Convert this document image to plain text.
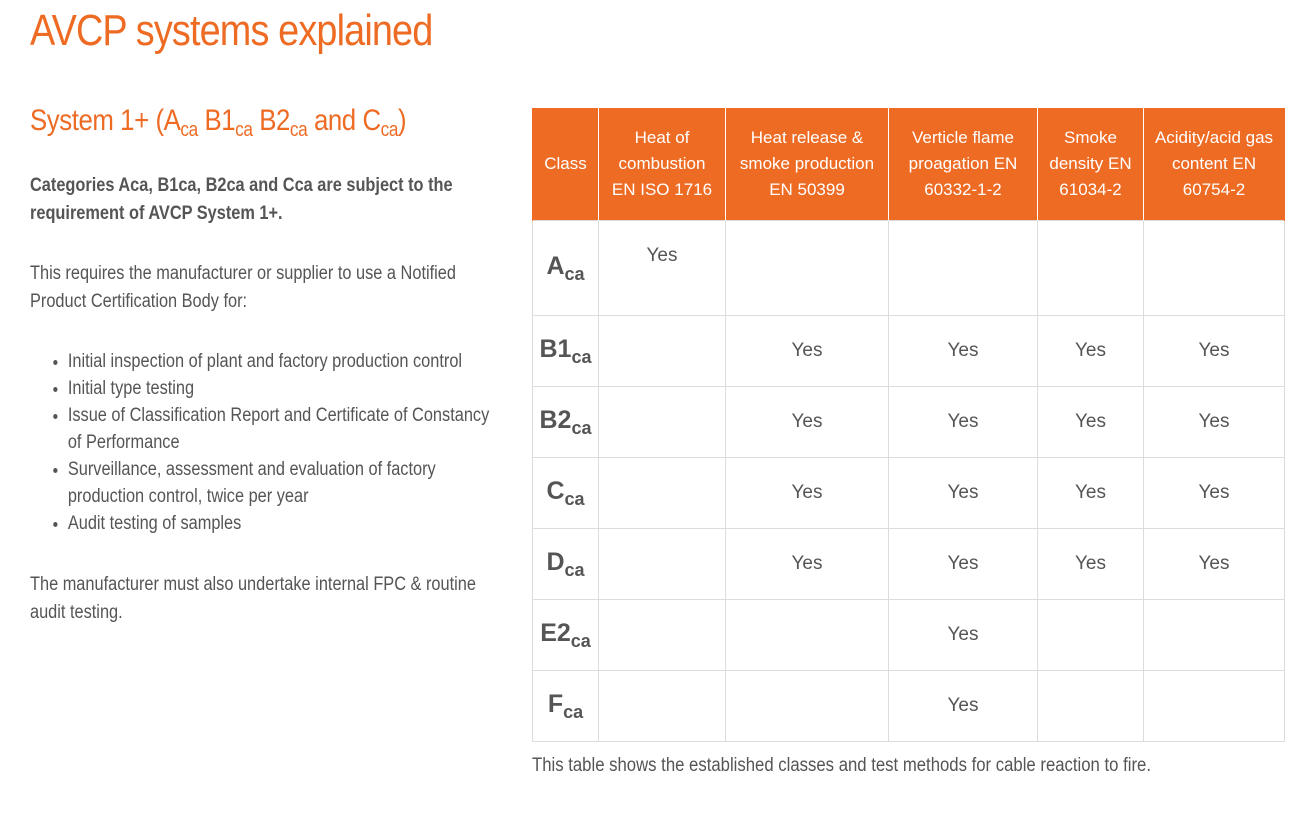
AVCP systems explained
System $1+ (A_{ca}$ $B1_{ca}$ $B2_{ca}$ and $C_{ca}$)

Categories Aca, B1ca, B2ca and Cca are subject to the requirement of AVCP System 1+.

This requires the manufacturer or supplier to use a Notified Product Certification Body for:

• Initial inspection of plant and factory production control
• Initial type testing
• Issue of Classification Report and Certificate of Constancy of Performance
• Surveillance, assessment and evaluation of factory production control, twice per year
• Audit testing of samples

The manufacturer must also undertake internal FPC & routine audit testing.

Class	Heat of combustion EN ISO 1716	Heat release & smoke production EN 50399	Verticle flame proagation EN 60332-1-2	Smoke density EN 61034-2	Acidity/acid gas content EN 60754-2
$A_{ca}$	Yes				
$B1_{ca}$		Yes	Yes	Yes	Yes
$B2_{ca}$		Yes	Yes	Yes	Yes
$C_{ca}$		Yes	Yes	Yes	Yes
$D_{ca}$		Yes	Yes	Yes	Yes
$E2_{ca}$			Yes		
$F_{ca}$			Yes		

This table shows the established classes and test methods for cable reaction to fire.
